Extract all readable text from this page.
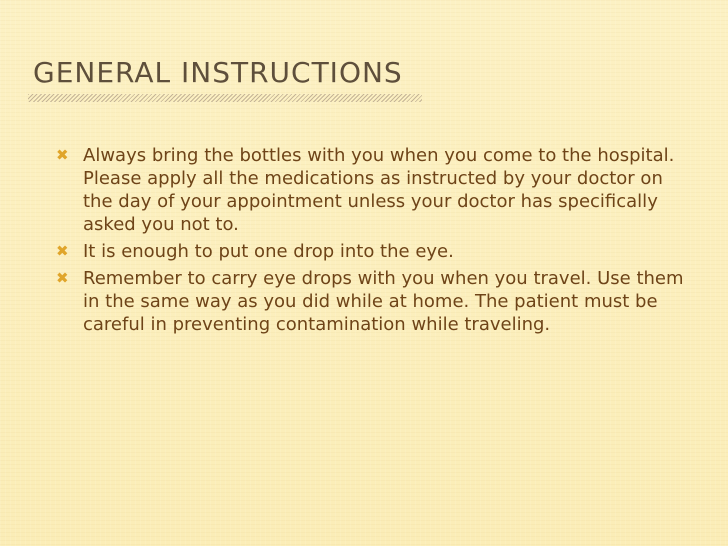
GENERAL INSTRUCTIONS
✖ Always bring the bottles with you when you come to the hospital. Please apply all the medications as instructed by your doctor on the day of your appointment unless your doctor has specifically asked you not to.
✖ It is enough to put one drop into the eye.
✖ Remember to carry eye drops with you when you travel. Use them in the same way as you did while at home. The patient must be careful in preventing contamination while traveling.
